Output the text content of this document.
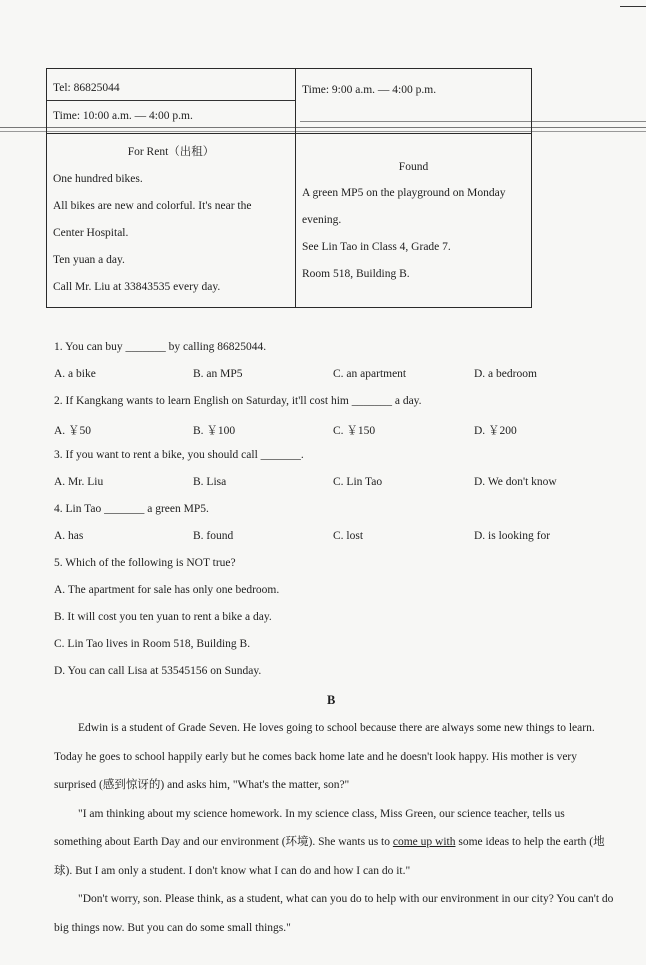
Tel: 86825044
Time: 10:00 a.m. — 4:00 p.m.
Time: 9:00 a.m. — 4:00 p.m.
For Rent（出租）
One hundred bikes.
All bikes are new and colorful. It's near the
Center Hospital.
Ten yuan a day.
Call Mr. Liu at 33843535 every day.
Found
A green MP5 on the playground on Monday
evening.
See Lin Tao in Class 4, Grade 7.
Room 518, Building B.
1. You can buy _______ by calling 86825044.
A. a bike	B. an MP5	C. an apartment	D. a bedroom
2. If Kangkang wants to learn English on Saturday, it'll cost him _______ a day.
A. ￥50	B. ￥100	C. ￥150	D. ￥200
3. If you want to rent a bike, you should call _______.
A. Mr. Liu	B. Lisa	C. Lin Tao	D. We don't know
4. Lin Tao _______ a green MP5.
A. has	B. found	C. lost	D. is looking for
5. Which of the following is NOT true?
A. The apartment for sale has only one bedroom.
B. It will cost you ten yuan to rent a bike a day.
C. Lin Tao lives in Room 518, Building B.
D. You can call Lisa at 53545156 on Sunday.
B

Edwin is a student of Grade Seven. He loves going to school because there are always some new things to learn. Today he goes to school happily early but he comes back home late and he doesn't look happy. His mother is very surprised (感到惊讶的) and asks him, "What's the matter, son?"

"I am thinking about my science homework. In my science class, Miss Green, our science teacher, tells us something about Earth Day and our environment (环境). She wants us to come up with some ideas to help the earth (地球). But I am only a student. I don't know what I can do and how I can do it."

"Don't worry, son. Please think, as a student, what can you do to help with our environment in our city? You can't do big things now. But you can do some small things."
